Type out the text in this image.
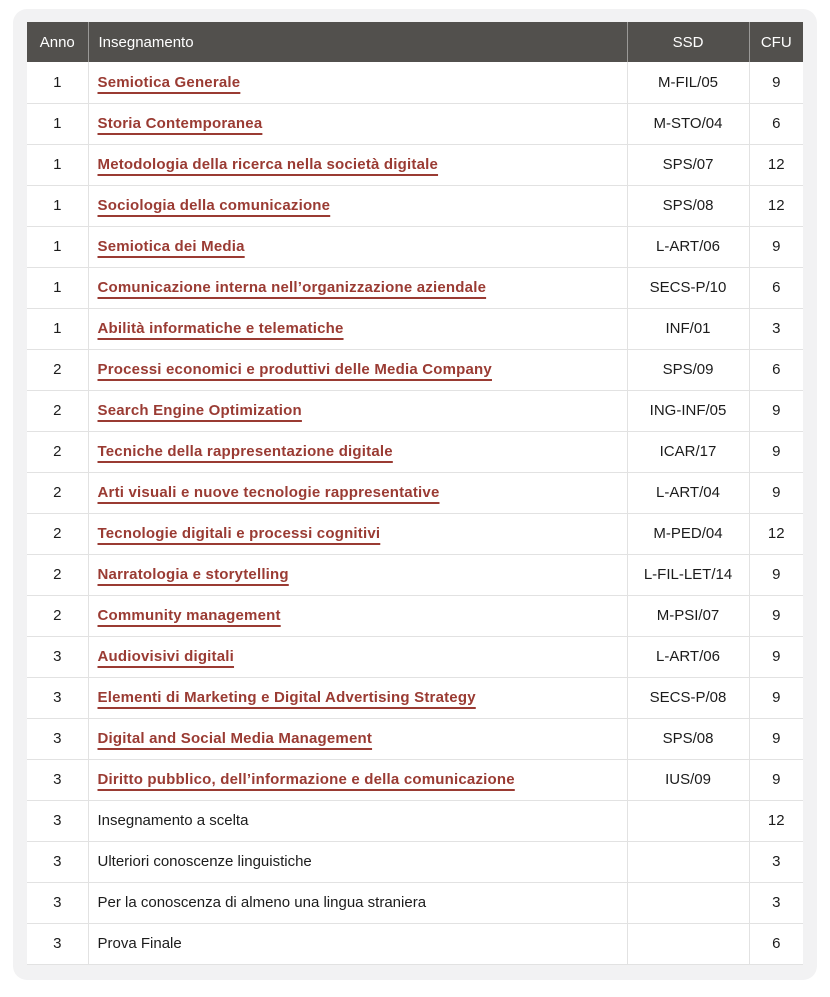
Anno	Insegnamento	SSD	CFU
1	Semiotica Generale	M-FIL/05	9
1	Storia Contemporanea	M-STO/04	6
1	Metodologia della ricerca nella società digitale	SPS/07	12
1	Sociologia della comunicazione	SPS/08	12
1	Semiotica dei Media	L-ART/06	9
1	Comunicazione interna nell’organizzazione aziendale	SECS-P/10	6
1	Abilità informatiche e telematiche	INF/01	3
2	Processi economici e produttivi delle Media Company	SPS/09	6
2	Search Engine Optimization	ING-INF/05	9
2	Tecniche della rappresentazione digitale	ICAR/17	9
2	Arti visuali e nuove tecnologie rappresentative	L-ART/04	9
2	Tecnologie digitali e processi cognitivi	M-PED/04	12
2	Narratologia e storytelling	L-FIL-LET/14	9
2	Community management	M-PSI/07	9
3	Audiovisivi digitali	L-ART/06	9
3	Elementi di Marketing e Digital Advertising Strategy	SECS-P/08	9
3	Digital and Social Media Management	SPS/08	9
3	Diritto pubblico, dell’informazione e della comunicazione	IUS/09	9
3	Insegnamento a scelta		12
3	Ulteriori conoscenze linguistiche		3
3	Per la conoscenza di almeno una lingua straniera		3
3	Prova Finale		6
